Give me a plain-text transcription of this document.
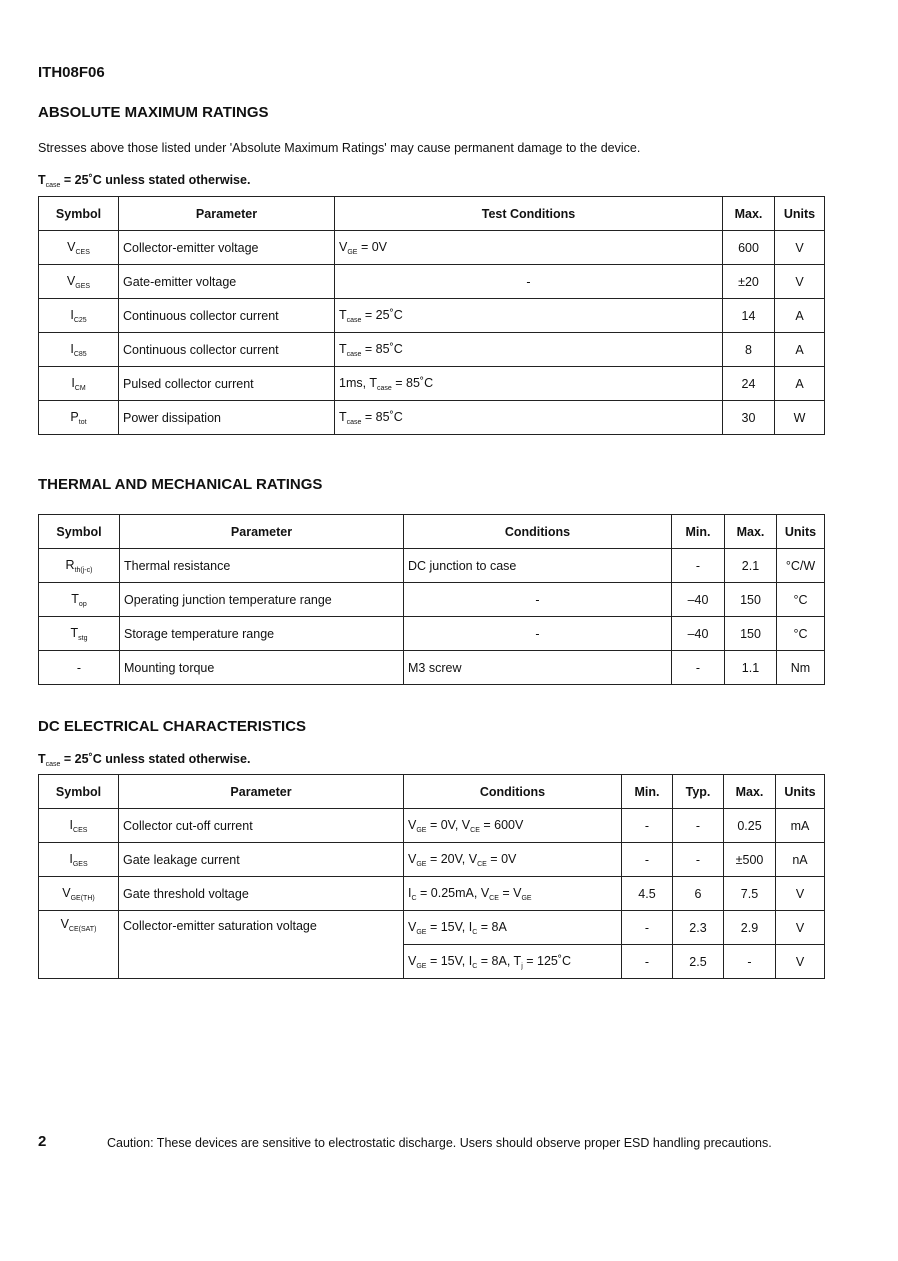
ITH08F06
ABSOLUTE MAXIMUM RATINGS
Stresses above those listed under 'Absolute Maximum Ratings' may cause permanent damage to the device.
$T_{case}$ = 25˚C unless stated otherwise.
Symbol	Parameter	Test Conditions	Max.	Units
$V_{CES}$	Collector-emitter voltage	$V_{GE} = 0V$	600	V
$V_{GES}$	Gate-emitter voltage	-	±20	V
$I_{C25}$	Continuous collector current	$T_{case}$ = 25˚C	14	A
$I_{C85}$	Continuous collector current	$T_{case}$ = 85˚C	8	A
$I_{CM}$	Pulsed collector current	1ms, $T_{case}$ = 85˚C	24	A
$P_{tot}$	Power dissipation	$T_{case}$ = 85˚C	30	W
THERMAL AND MECHANICAL RATINGS
Symbol	Parameter	Conditions	Min.	Max.	Units
$R_{th(j-c)}$	Thermal resistance	DC junction to case	-	2.1	°C/W
$T_{op}$	Operating junction temperature range	-	–40	150	°C
$T_{stg}$	Storage temperature range	-	–40	150	°C
-	Mounting torque	M3 screw	-	1.1	Nm
DC ELECTRICAL CHARACTERISTICS
$T_{case}$ = 25˚C unless stated otherwise.
Symbol	Parameter	Conditions	Min.	Typ.	Max.	Units
$I_{CES}$	Collector cut-off current	$V_{GE} = 0V$, $V_{CE} = 600V$	-	-	0.25	mA
$I_{GES}$	Gate leakage current	$V_{GE} = 20V$, $V_{CE} = 0V$	-	-	±500	nA
$V_{GE(TH)}$	Gate threshold voltage	$I_C = 0.25mA$, $V_{CE} = V_{GE}$	4.5	6	7.5	V
$V_{CE(SAT)}$	Collector-emitter saturation voltage	$V_{GE} = 15V$, $I_C = 8A$	-	2.3	2.9	V
		$V_{GE} = 15V$, $I_C = 8A$, $T_j$ = 125˚C	-	2.5	-	V
2	Caution: These devices are sensitive to electrostatic discharge. Users should observe proper ESD handling precautions.
